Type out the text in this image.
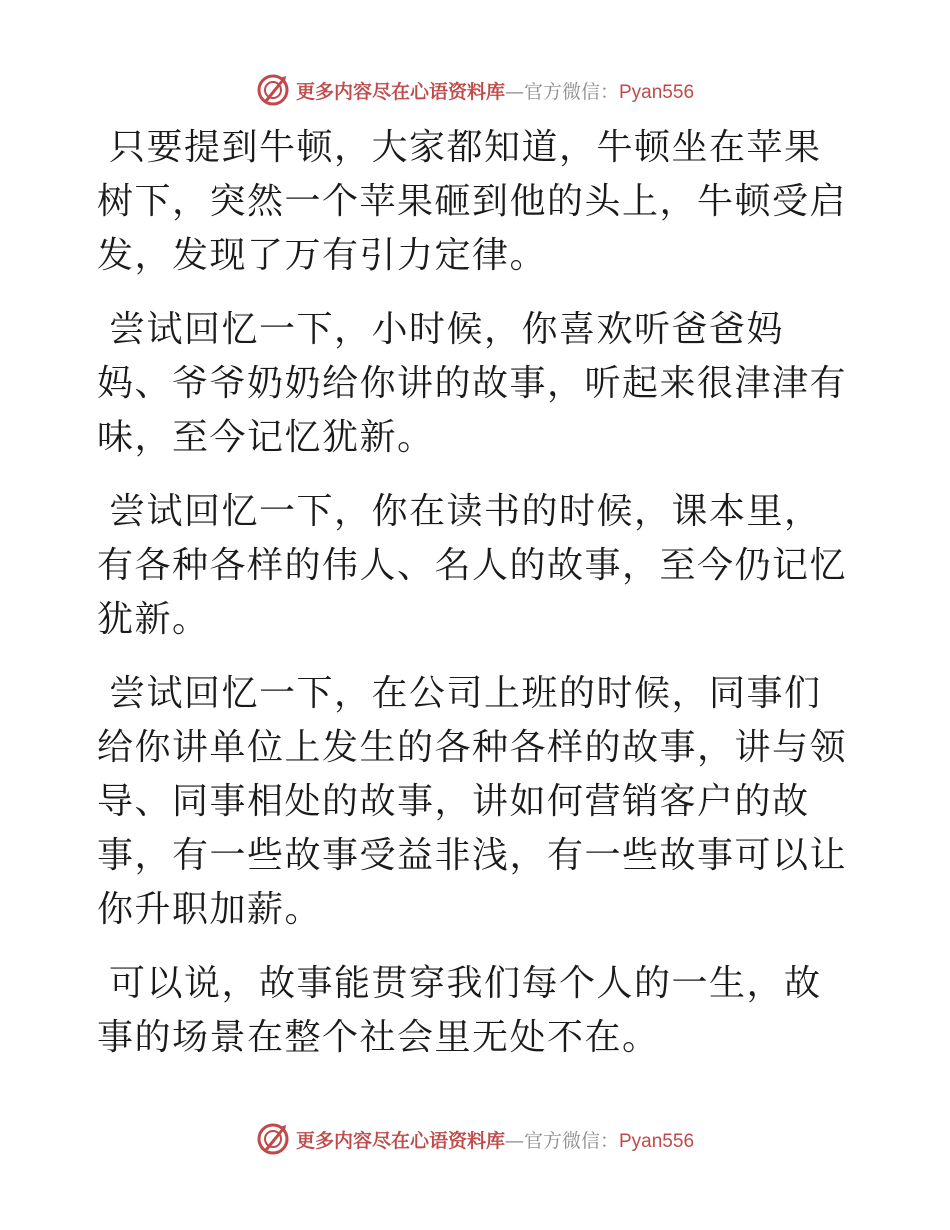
更多内容尽在心语资料库—官方微信：Pyan556

只要提到牛顿，大家都知道，牛顿坐在苹果树下，突然一个苹果砸到他的头上，牛顿受启发，发现了万有引力定律。

尝试回忆一下，小时候，你喜欢听爸爸妈妈、爷爷奶奶给你讲的故事，听起来很津津有味，至今记忆犹新。

尝试回忆一下，你在读书的时候，课本里，有各种各样的伟人、名人的故事，至今仍记忆犹新。

尝试回忆一下，在公司上班的时候，同事们给你讲单位上发生的各种各样的故事，讲与领导、同事相处的故事，讲如何营销客户的故事，有一些故事受益非浅，有一些故事可以让你升职加薪。

可以说，故事能贯穿我们每个人的一生，故事的场景在整个社会里无处不在。

更多内容尽在心语资料库—官方微信：Pyan556
